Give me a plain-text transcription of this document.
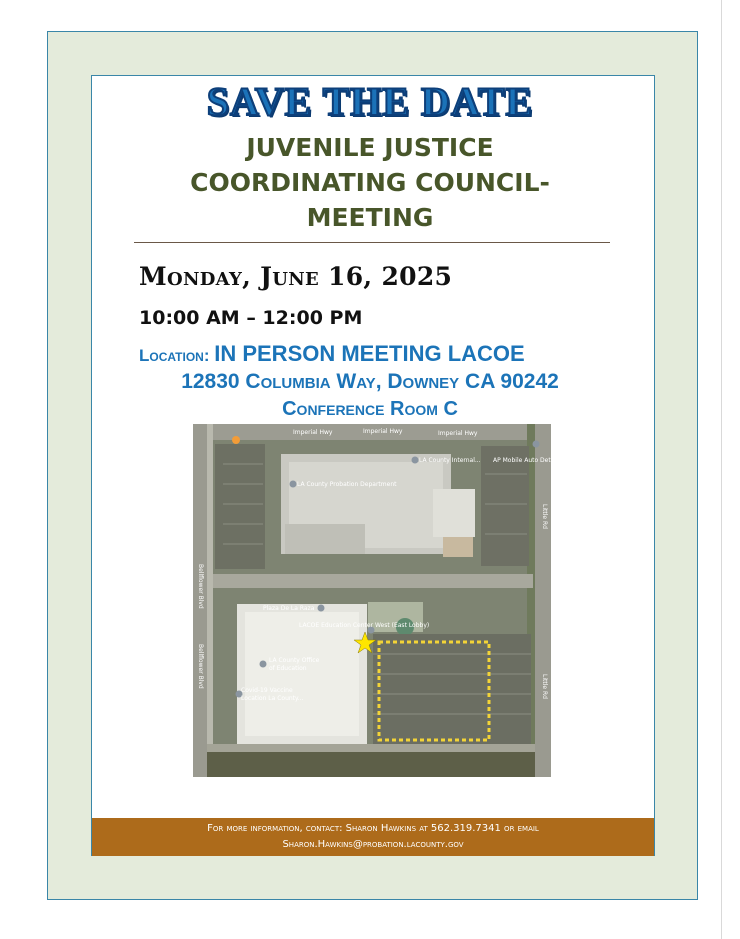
SAVE THE DATE
JUVENILE JUSTICE
COORDINATING COUNCIL-
MEETING
Monday, June 16, 2025
10:00 AM – 12:00 PM
Location: IN PERSON MEETING LACOE
12830 Columbia Way, Downey CA 90242
Conference Room C
Imperial Hwy	Imperial Hwy	Imperial Hwy
Bellflower Blvd
Bellflower Blvd
Little Rd
Little Rd
LA County Probation Department
LA County Internal... AP Mobile Auto Detailing
Plaza De La Raza
LACOE Education Center West (East Lobby)
LA County Office
of Education
Covid-19 Vaccine
Location La County...
For more information, contact: Sharon Hawkins at 562.319.7341 or email
Sharon.Hawkins@probation.lacounty.gov
